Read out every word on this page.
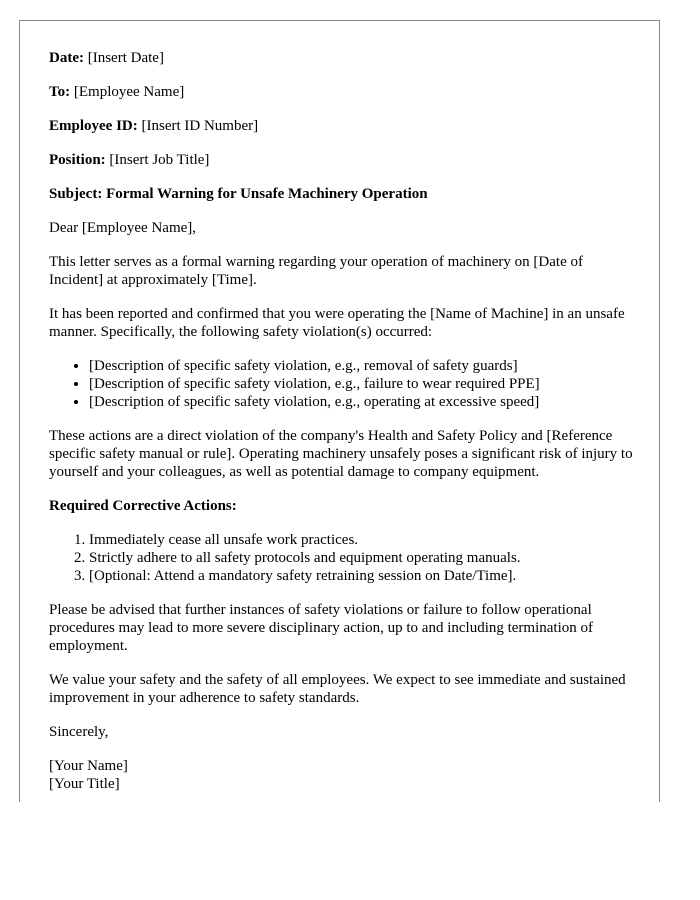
Date: [Insert Date]

To: [Employee Name]

Employee ID: [Insert ID Number]

Position: [Insert Job Title]

Subject: Formal Warning for Unsafe Machinery Operation

Dear [Employee Name],

This letter serves as a formal warning regarding your operation of machinery on [Date of Incident] at approximately [Time].

It has been reported and confirmed that you were operating the [Name of Machine] in an unsafe manner. Specifically, the following safety violation(s) occurred:

• [Description of specific safety violation, e.g., removal of safety guards]
• [Description of specific safety violation, e.g., failure to wear required PPE]
• [Description of specific safety violation, e.g., operating at excessive speed]

These actions are a direct violation of the company's Health and Safety Policy and [Reference specific safety manual or rule]. Operating machinery unsafely poses a significant risk of injury to yourself and your colleagues, as well as potential damage to company equipment.

Required Corrective Actions:

1. Immediately cease all unsafe work practices.
2. Strictly adhere to all safety protocols and equipment operating manuals.
3. [Optional: Attend a mandatory safety retraining session on Date/Time].

Please be advised that further instances of safety violations or failure to follow operational procedures may lead to more severe disciplinary action, up to and including termination of employment.

We value your safety and the safety of all employees. We expect to see immediate and sustained improvement in your adherence to safety standards.

Sincerely,

[Your Name]
[Your Title]
